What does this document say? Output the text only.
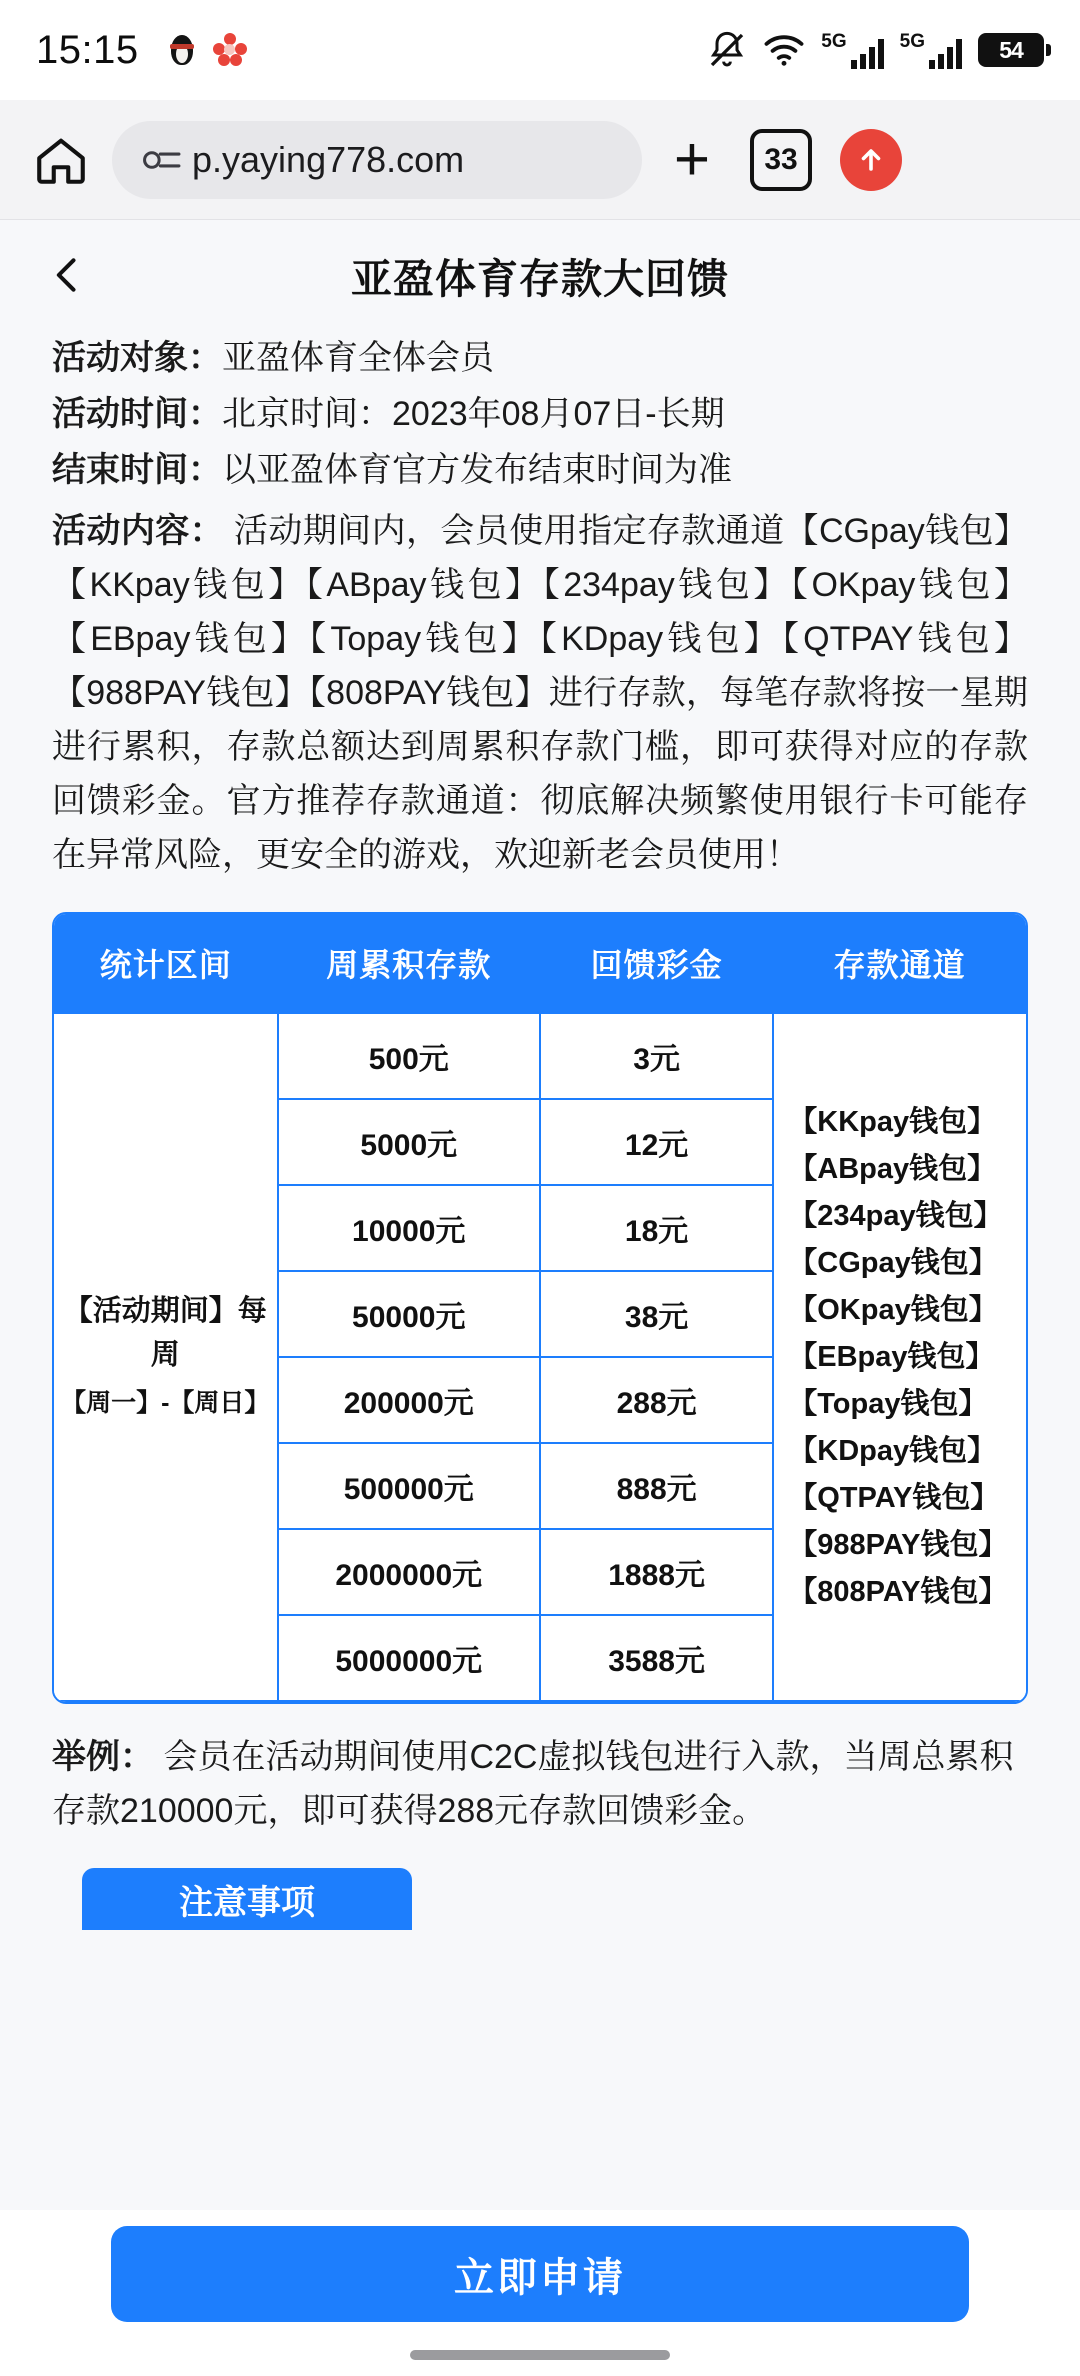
15:15	5G	5G	54
p.yaying778.com	+	33
亚盈体育存款大回馈
活动对象：亚盈体育全体会员
活动时间：北京时间：2023年08月07日-长期
结束时间：以亚盈体育官方发布结束时间为准
活动内容： 活动期间内，会员使用指定存款通道【CGpay钱包】【KKpay钱包】【ABpay钱包】【234pay钱包】【OKpay钱包】【EBpay钱包】【Topay钱包】【KDpay钱包】【QTPAY钱包】【988PAY钱包】【808PAY钱包】进行存款，每笔存款将按一星期进行累积，存款总额达到周累积存款门槛，即可获得对应的存款回馈彩金。官方推荐存款通道：彻底解决频繁使用银行卡可能存在异常风险，更安全的游戏，欢迎新老会员使用！
统计区间	周累积存款	回馈彩金	存款通道
【活动期间】每周
【周一】-【周日】	500元	3元	【KKpay钱包】【ABpay钱包】【234pay钱包】【CGpay钱包】【OKpay钱包】【EBpay钱包】【Topay钱包】【KDpay钱包】【QTPAY钱包】【988PAY钱包】【808PAY钱包】
	5000元	12元	
	10000元	18元	
	50000元	38元	
	200000元	288元	
	500000元	888元	
	2000000元	1888元	
	5000000元	3588元	
举例： 会员在活动期间使用C2C虚拟钱包进行入款，当周总累积存款210000元，即可获得288元存款回馈彩金。
注意事项
立即申请
